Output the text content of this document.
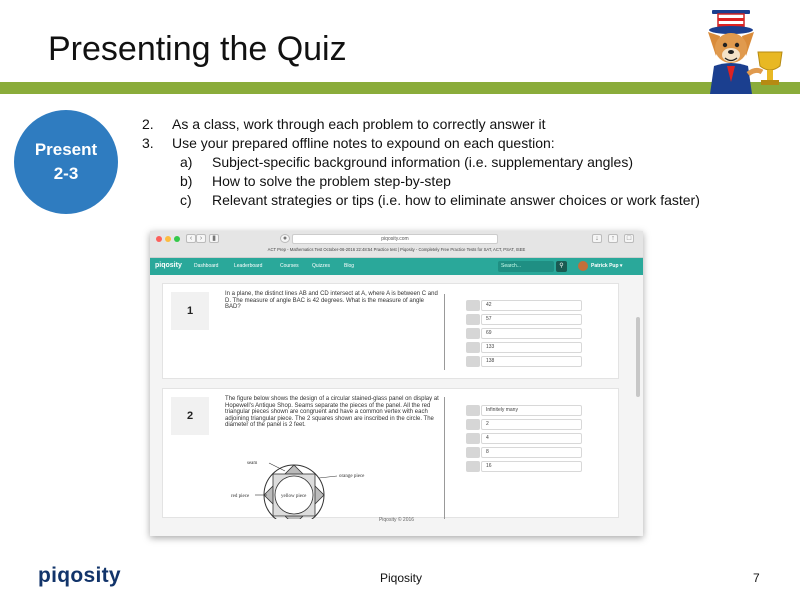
Presenting the Quiz
Present
2-3
2.	As a class, work through each problem to correctly answer it
3.	Use your prepared offline notes to expound on each question:
a)	Subject-specific background information (i.e. supplementary angles)
b)	How to solve the problem step-by-step
c)	Relevant strategies or tips (i.e. how to eliminate answer choices or work faster)
‹	›	▮	●	piqosity.com	↓	↑	□
ACT Prep - Mathematics Test October-06-2016 22:48:54 Practice test | Piqosity - Completely Free Practice Tests for SAT, ACT, PSAT, ISEE
piqosity Dashboard	Leaderboard	Courses	Quizzes	Blog	Search...	⚲	Patrick Pup ▾
1
In a plane, the distinct lines AB and CD intersect at A, where A is between C and D. The measure of angle BAC is 42 degrees. What is the measure of angle BAD?	42
57
69
133
138
2
The figure below shows the design of a circular stained-glass panel on display at Hopewell's Antique Shop. Seams separate the pieces of the panel. All the red triangular pieces shown are congruent and have a common vertex with each adjoining triangular piece. The 2 squares shown are inscribed in the circle. The diameter of the panel is 2 feet.
Infinitely many
2
4
8
16
seam
orange piece
red piece	yellow piece
Piqosity © 2016
piqosity	Piqosity	7
